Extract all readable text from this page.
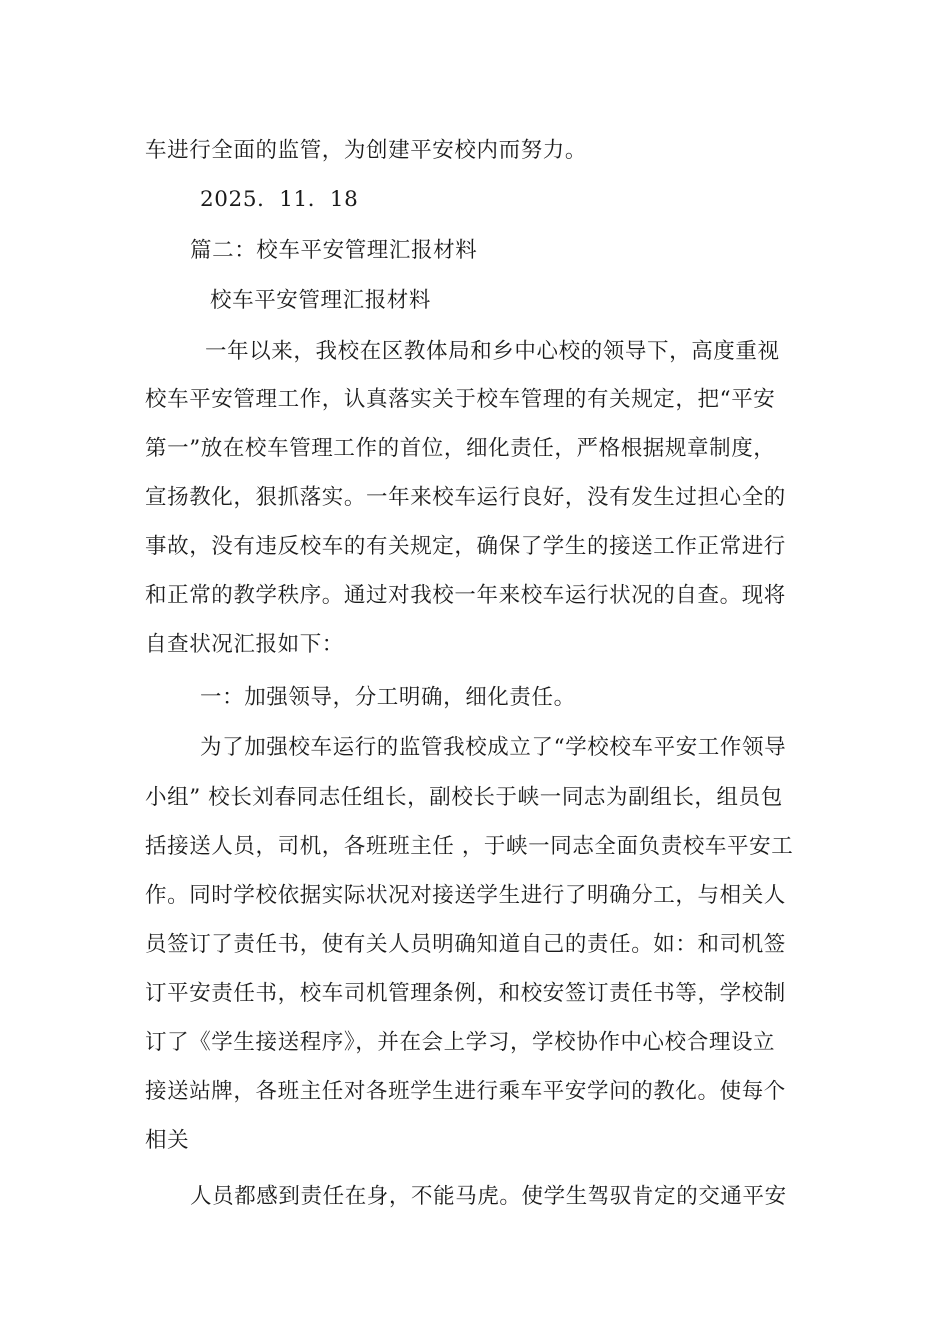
车进行全面的监管，为创建平安校内而努力。
2025．11．18
篇二：校车平安管理汇报材料
校车平安管理汇报材料
一年以来，我校在区教体局和乡中心校的领导下，高度重视
校车平安管理工作，认真落实关于校车管理的有关规定，把“平安
第一”放在校车管理工作的首位，细化责任，严格根据规章制度，
宣扬教化，狠抓落实。一年来校车运行良好，没有发生过担心全的
事故，没有违反校车的有关规定，确保了学生的接送工作正常进行
和正常的教学秩序。通过对我校一年来校车运行状况的自查。现将
自查状况汇报如下：
一：加强领导，分工明确，细化责任。
为了加强校车运行的监管我校成立了“学校校车平安工作领导
小组” 校长刘春同志任组长，副校长于峡一同志为副组长，组员包
括接送人员，司机，各班班主任 ，于峡一同志全面负责校车平安工
作。同时学校依据实际状况对接送学生进行了明确分工，与相关人
员签订了责任书，使有关人员明确知道自己的责任。如：和司机签
订平安责任书，校车司机管理条例，和校安签订责任书等，学校制
订了《学生接送程序》，并在会上学习，学校协作中心校合理设立
接送站牌，各班主任对各班学生进行乘车平安学问的教化。使每个
相关
人员都感到责任在身，不能马虎。使学生驾驭肯定的交通平安
